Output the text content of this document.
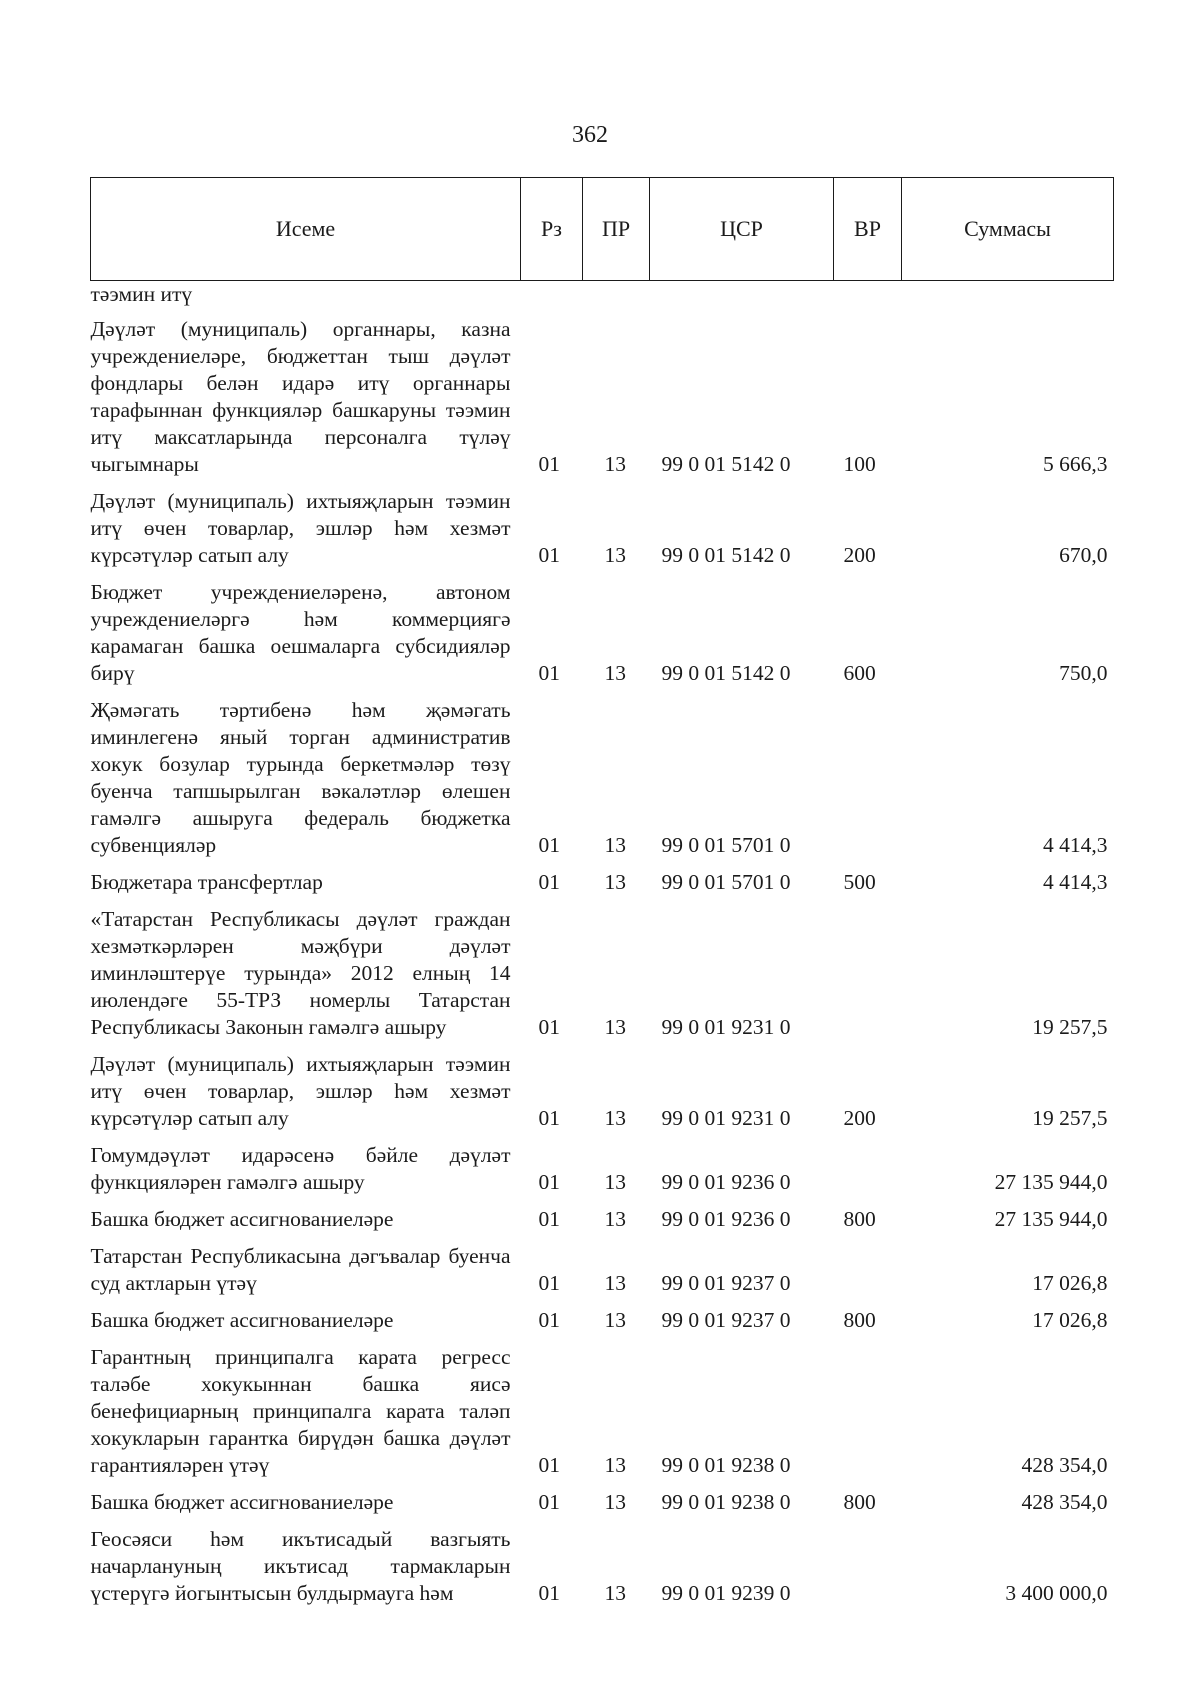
362
Исеме	Рз	ПР	ЦСР	ВР	Суммасы
тәэмин итү					
Дәүләт (муниципаль) органнары, казна учреждениеләре, бюджеттан тыш дәүләт фондлары белән идарә итү органнары тарафыннан функцияләр башкаруны тәэмин итү максатларында персоналга түләү чыгымнары	01	13	99 0 01 5142 0	100	5 666,3
Дәүләт (муниципаль) ихтыяҗларын тәэмин итү өчен товарлар, эшләр һәм хезмәт күрсәтүләр сатып алу	01	13	99 0 01 5142 0	200	670,0
Бюджет учреждениеләренә, автоном учреждениеләргә һәм коммерциягә карамаган башка оешмаларга субсидияләр бирү	01	13	99 0 01 5142 0	600	750,0
Җәмәгать тәртибенә һәм җәмәгать иминлегенә яный торган административ хокук бозулар турында беркетмәләр төзү буенча тапшырылган вәкаләтләр өлешен гамәлгә ашыруга федераль бюджетка субвенцияләр	01	13	99 0 01 5701 0		4 414,3
Бюджетара трансфертлар	01	13	99 0 01 5701 0	500	4 414,3
«Татарстан Республикасы дәүләт граждан хезмәткәрләрен мәҗбүри дәүләт иминләштерүе турында» 2012 елның 14 июлендәге 55-ТРЗ номерлы Татарстан Республикасы Законын гамәлгә ашыру	01	13	99 0 01 9231 0		19 257,5
Дәүләт (муниципаль) ихтыяҗларын тәэмин итү өчен товарлар, эшләр һәм хезмәт күрсәтүләр сатып алу	01	13	99 0 01 9231 0	200	19 257,5
Гомумдәүләт идарәсенә бәйле дәүләт функцияләрен гамәлгә ашыру	01	13	99 0 01 9236 0		27 135 944,0
Башка бюджет ассигнованиеләре	01	13	99 0 01 9236 0	800	27 135 944,0
Татарстан Республикасына дәгъвалар буенча суд актларын үтәү	01	13	99 0 01 9237 0		17 026,8
Башка бюджет ассигнованиеләре	01	13	99 0 01 9237 0	800	17 026,8
Гарантның принципалга карата регресс таләбе хокукыннан башка яисә бенефициарның принципалга карата таләп хокукларын гарантка бирүдән башка дәүләт гарантияләрен үтәү	01	13	99 0 01 9238 0		428 354,0
Башка бюджет ассигнованиеләре	01	13	99 0 01 9238 0	800	428 354,0
Геосәяси һәм икътисадый вазгыять начарлануның икътисад тармакларын үстерүгә йогынтысын булдырмауга һәм	01	13	99 0 01 9239 0		3 400 000,0
